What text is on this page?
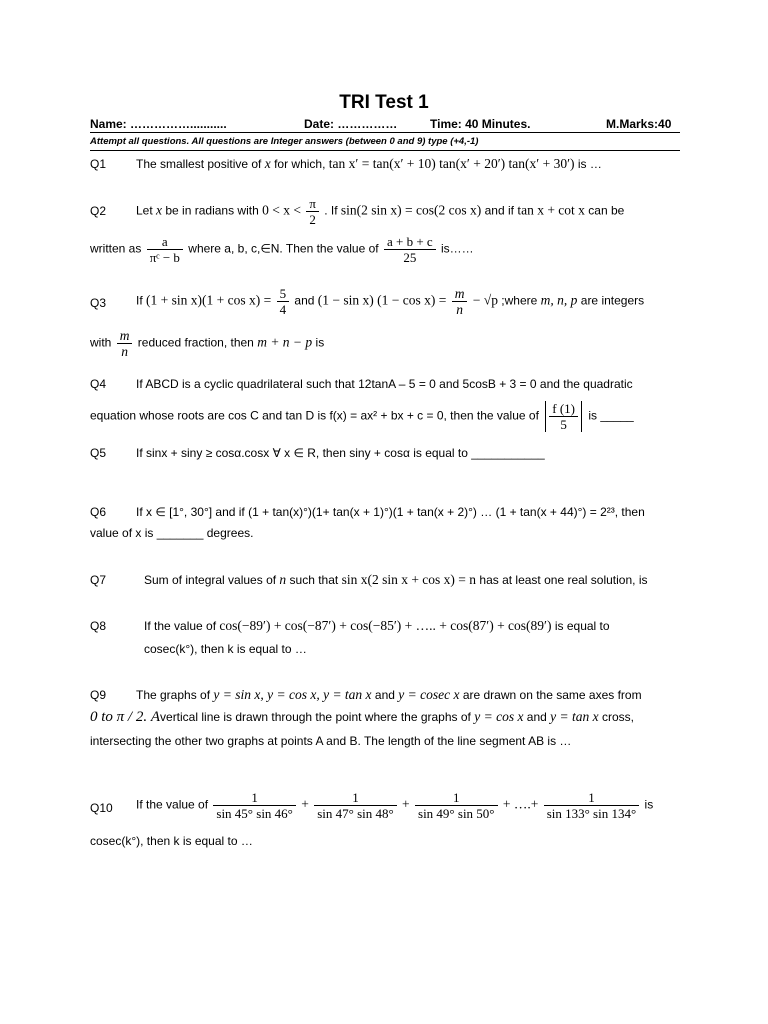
TRI Test 1
Name: ……………...........	Date: ……………	Time: 40 Minutes.	M.Marks:40
Attempt all questions. All questions are Integer answers (between 0 and 9) type (+4,-1)
Q1 The smallest positive of x for which, tan x′ = tan(x′ + 10) tan(x′ + 20′) tan(x′ + 30′) is …
Q2 Let x be in radians with $0 < x < \frac{\pi}{2}$ . If sin(2 sin x) = cos(2 cos x) and if tan x + cot x can be
written as $\frac{a}{\text{πᶜ − b}}$ where a, b, c,∈N. Then the value of $\frac{a + b + c}{25}$ is……
Q3 If $(1 + \sin x)(1 + \cos x) = \frac{5}{4}$ and (1 − sin x) $(1 - \cos x) = \frac{m}{n} - √p$ ;where m, n, p are integers
with $\frac{m}{n}$ reduced fraction, then m + n − p is
Q4 If ABCD is a cyclic quadrilateral such that 12tanA – 5 = 0 and 5cosB + 3 = 0 and the quadratic
equation whose roots are cos C and tan D is f(x) = ax² + bx + c = 0, then the value of $\frac{f (1)}{5}$ is _____
Q5 If sinx + siny ≥ cosα.cosx ∀ x ∈ R, then siny + cosα is equal to ___________
Q6 If x ∈ [1°, 30°] and if (1 + tan(x)°)(1+ tan(x + 1)°)(1 + tan(x + 2)°) … (1 + tan(x + 44)°) = 2²³, then
value of x is _______ degrees.
Q7	Sum of integral values of n such that sin x(2 sin x + cos x) = n has at least one real solution, is
Q8	If the value of cos(−89′) + cos(−87′) + cos(−85′) + ….. + cos(87′) + cos(89′) is equal to
cosec(k°), then k is equal to …
Q9 The graphs of y = sin x, y = cos x, y = tan x and y = cosec x are drawn on the same axes from
0 to π / 2. Avertical line is drawn through the point where the graphs of y = cos x and y = tan x cross,
intersecting the other two graphs at points A and B. The length of the line segment AB is …
Q10 If the value of $\frac{1}{\sin 45^\circ \sin 46^\circ} + \frac{1}{\sin 47^\circ \sin 48^\circ} + \frac{1}{\sin 49^\circ \sin 50^\circ}$ + ….+ $\frac{1}{\sin 133^\circ \sin 134^\circ}$ is
cosec(k°), then k is equal to …
